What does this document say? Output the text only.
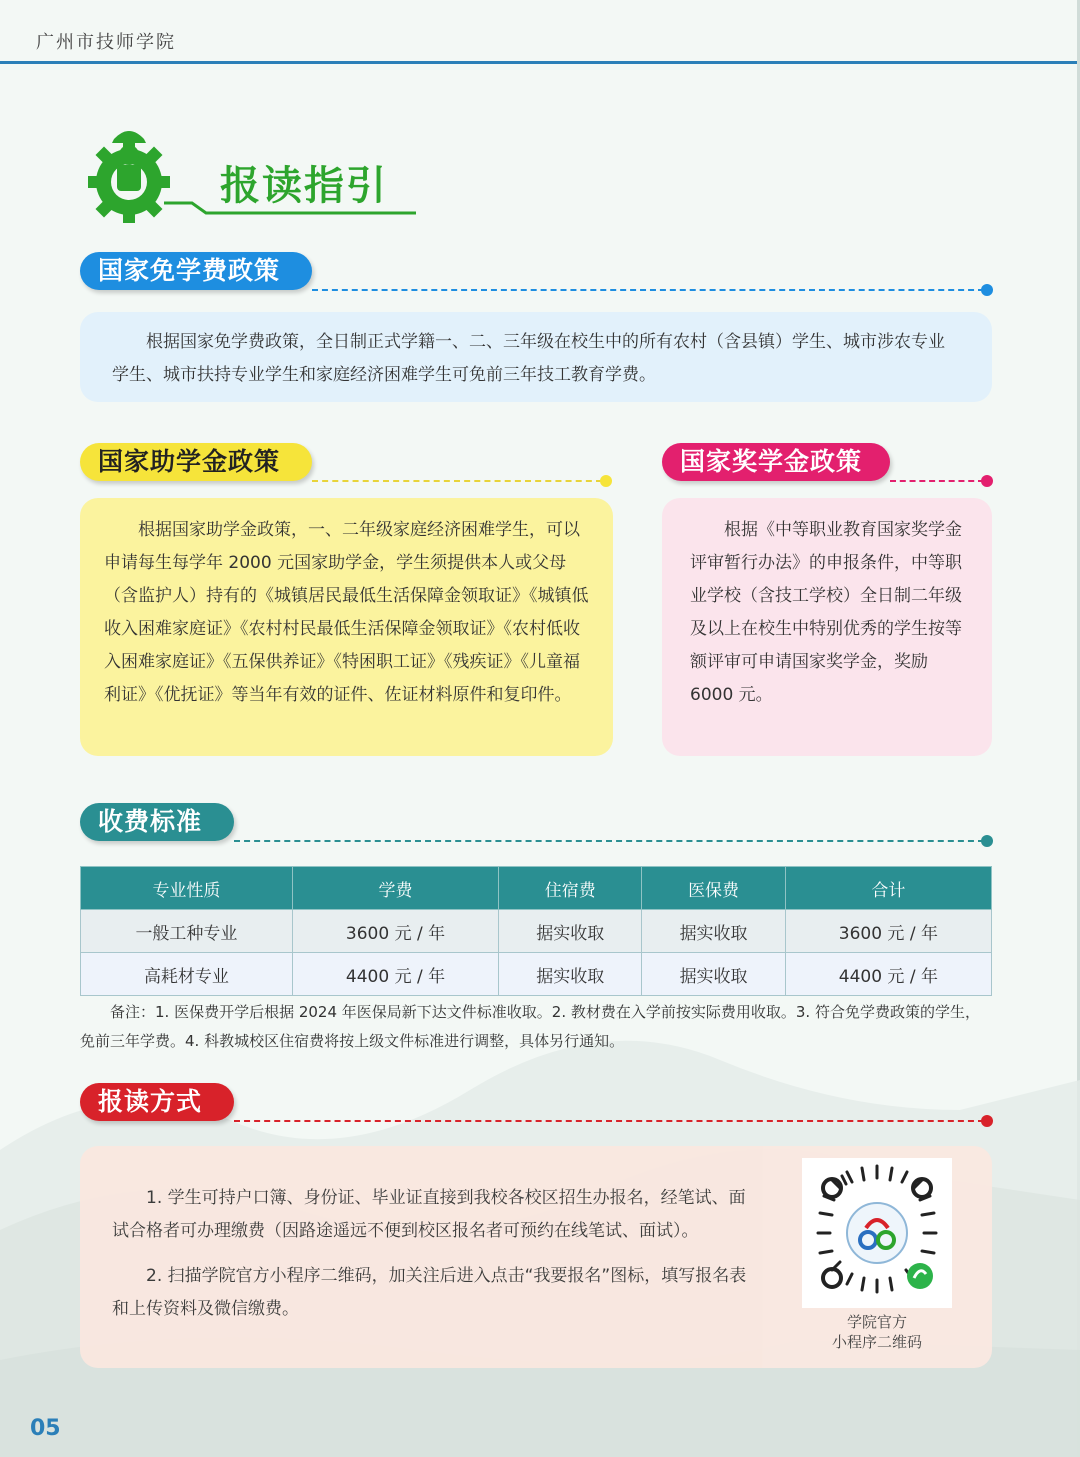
广州市技师学院
报读指引
国家免学费政策

根据国家免学费政策，全日制正式学籍一、二、三年级在校生中的所有农村（含县镇）学生、城市涉农专业学生、城市扶持专业学生和家庭经济困难学生可免前三年技工教育学费。

国家助学金政策

根据国家助学金政策，一、二年级家庭经济困难学生，可以申请每生每学年 2000 元国家助学金，学生须提供本人或父母（含监护人）持有的《城镇居民最低生活保障金领取证》《城镇低收入困难家庭证》《农村村民最低生活保障金领取证》《农村低收入困难家庭证》《五保供养证》《特困职工证》《残疾证》《儿童福利证》《优抚证》等当年有效的证件、佐证材料原件和复印件。

国家奖学金政策

根据《中等职业教育国家奖学金评审暂行办法》的申报条件，中等职业学校（含技工学校）全日制二年级及以上在校生中特别优秀的学生按等额评审可申请国家奖学金，奖励 6000 元。

收费标准
专业性质	学费	住宿费	医保费	合计
一般工种专业	3600 元 / 年	据实收取	据实收取	3600 元 / 年
高耗材专业	4400 元 / 年	据实收取	据实收取	4400 元 / 年
备注：1. 医保费开学后根据 2024 年医保局新下达文件标准收取。2. 教材费在入学前按实际费用收取。3. 符合免学费政策的学生，免前三年学费。4. 科教城校区住宿费将按上级文件标准进行调整，具体另行通知。
报读方式

1. 学生可持户口簿、身份证、毕业证直接到我校各校区招生办报名，经笔试、面试合格者可办理缴费（因路途遥远不便到校区报名者可预约在线笔试、面试）。

2. 扫描学院官方小程序二维码，加关注后进入点击“我要报名”图标，填写报名表和上传资料及微信缴费。

学院官方
小程序二维码
05
